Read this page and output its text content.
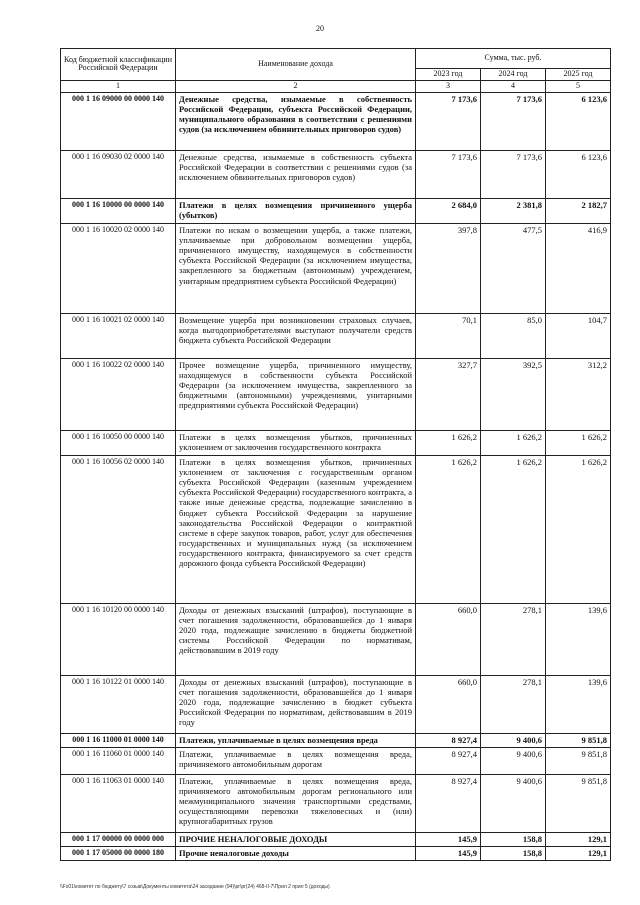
20
Код бюджетной классификации Российской Федерации	Наименование дохода	Сумма, тыс. руб.		
		2023 год	2024 год	2025 год
1	2	3	4	5
000 1 16 09000 00 0000 140	Денежные средства, изымаемые в собственность Российской Федерации, субъекта Российской Федерации, муниципального образования в соответствии с решениями судов (за исключением обвинительных приговоров судов)	7 173,6	7 173,6	6 123,6
000 1 16 09030 02 0000 140	Денежные средства, изымаемые в собственность субъекта Российской Федерации в соответствии с решениями судов (за исключением обвинительных приговоров судов)	7 173,6	7 173,6	6 123,6
000 1 16 10000 00 0000 140	Платежи в целях возмещения причиненного ущерба (убытков)	2 684,0	2 381,8	2 182,7
000 1 16 10020 02 0000 140	Платежи по искам о возмещении ущерба, а также платежи, уплачиваемые при добровольном возмещении ущерба, причиненного имуществу, находящемуся в собственности субъекта Российской Федерации (за исключением имущества, закрепленного за бюджетным (автономным) учреждением, унитарным предприятием субъекта Российской Федерации)	397,8	477,5	416,9
000 1 16 10021 02 0000 140	Возмещение ущерба при возникновении страховых случаев, когда выгодоприобретателями выступают получатели средств бюджета субъекта Российской Федерации	70,1	85,0	104,7
000 1 16 10022 02 0000 140	Прочее возмещение ущерба, причиненного имуществу, находящемуся в собственности субъекта Российской Федерации (за исключением имущества, закрепленного за бюджетными (автономными) учреждениями, унитарными предприятиями субъекта Российской Федерации)	327,7	392,5	312,2
000 1 16 10050 00 0000 140	Платежи в целях возмещения убытков, причиненных уклонением от заключения государственного контракта	1 626,2	1 626,2	1 626,2
000 1 16 10056 02 0000 140	Платежи в целях возмещения убытков, причиненных уклонением от заключения с государственным органом субъекта Российской Федерации (казенным учреждением субъекта Российской Федерации) государственного контракта, а также иные денежные средства, подлежащие зачислению в бюджет субъекта Российской Федерации за нарушение законодательства Российской Федерации о контрактной системе в сфере закупок товаров, работ, услуг для обеспечения государственных и муниципальных нужд (за исключением государственного контракта, финансируемого за счет средств дорожного фонда субъекта Российской Федерации)	1 626,2	1 626,2	1 626,2
000 1 16 10120 00 0000 140	Доходы от денежных взысканий (штрафов), поступающие в счет погашения задолженности, образовавшейся до 1 января 2020 года, подлежащие зачислению в бюджеты бюджетной системы Российской Федерации по нормативам, действовавшим в 2019 году	660,0	278,1	139,6
000 1 16 10122 01 0000 140	Доходы от денежных взысканий (штрафов), поступающие в счет погашения задолженности, образовавшейся до 1 января 2020 года, подлежащие зачислению в бюджет субъекта Российской Федерации по нормативам, действовавшим в 2019 году	660,0	278,1	139,6
000 1 16 11000 01 0000 140	Платежи, уплачиваемые в целях возмещения вреда	8 927,4	9 400,6	9 851,8
000 1 16 11060 01 0000 140	Платежи, уплачиваемые в целях возмещения вреда, причиняемого автомобильным дорогам	8 927,4	9 400,6	9 851,8
000 1 16 11063 01 0000 140	Платежи, уплачиваемые в целях возмещения вреда, причиняемого автомобильным дорогам регионального или межмуниципального значения транспортными средствами, осуществляющими перевозки тяжеловесных и (или) крупногабаритных грузов	8 927,4	9 400,6	9 851,8
000 1 17 00000 00 0000 000	ПРОЧИЕ НЕНАЛОГОВЫЕ ДОХОДЫ	145,9	158,8	129,1
000 1 17 05000 00 0000 180	Прочие неналоговые доходы	145,9	158,8	129,1
\\Fs01\комитет по бюджету\7 созыв\Документы комитета\24 заседание (94)\pr\pr(24) 468-II-7\Прил 2 прил 5 (доходы)
